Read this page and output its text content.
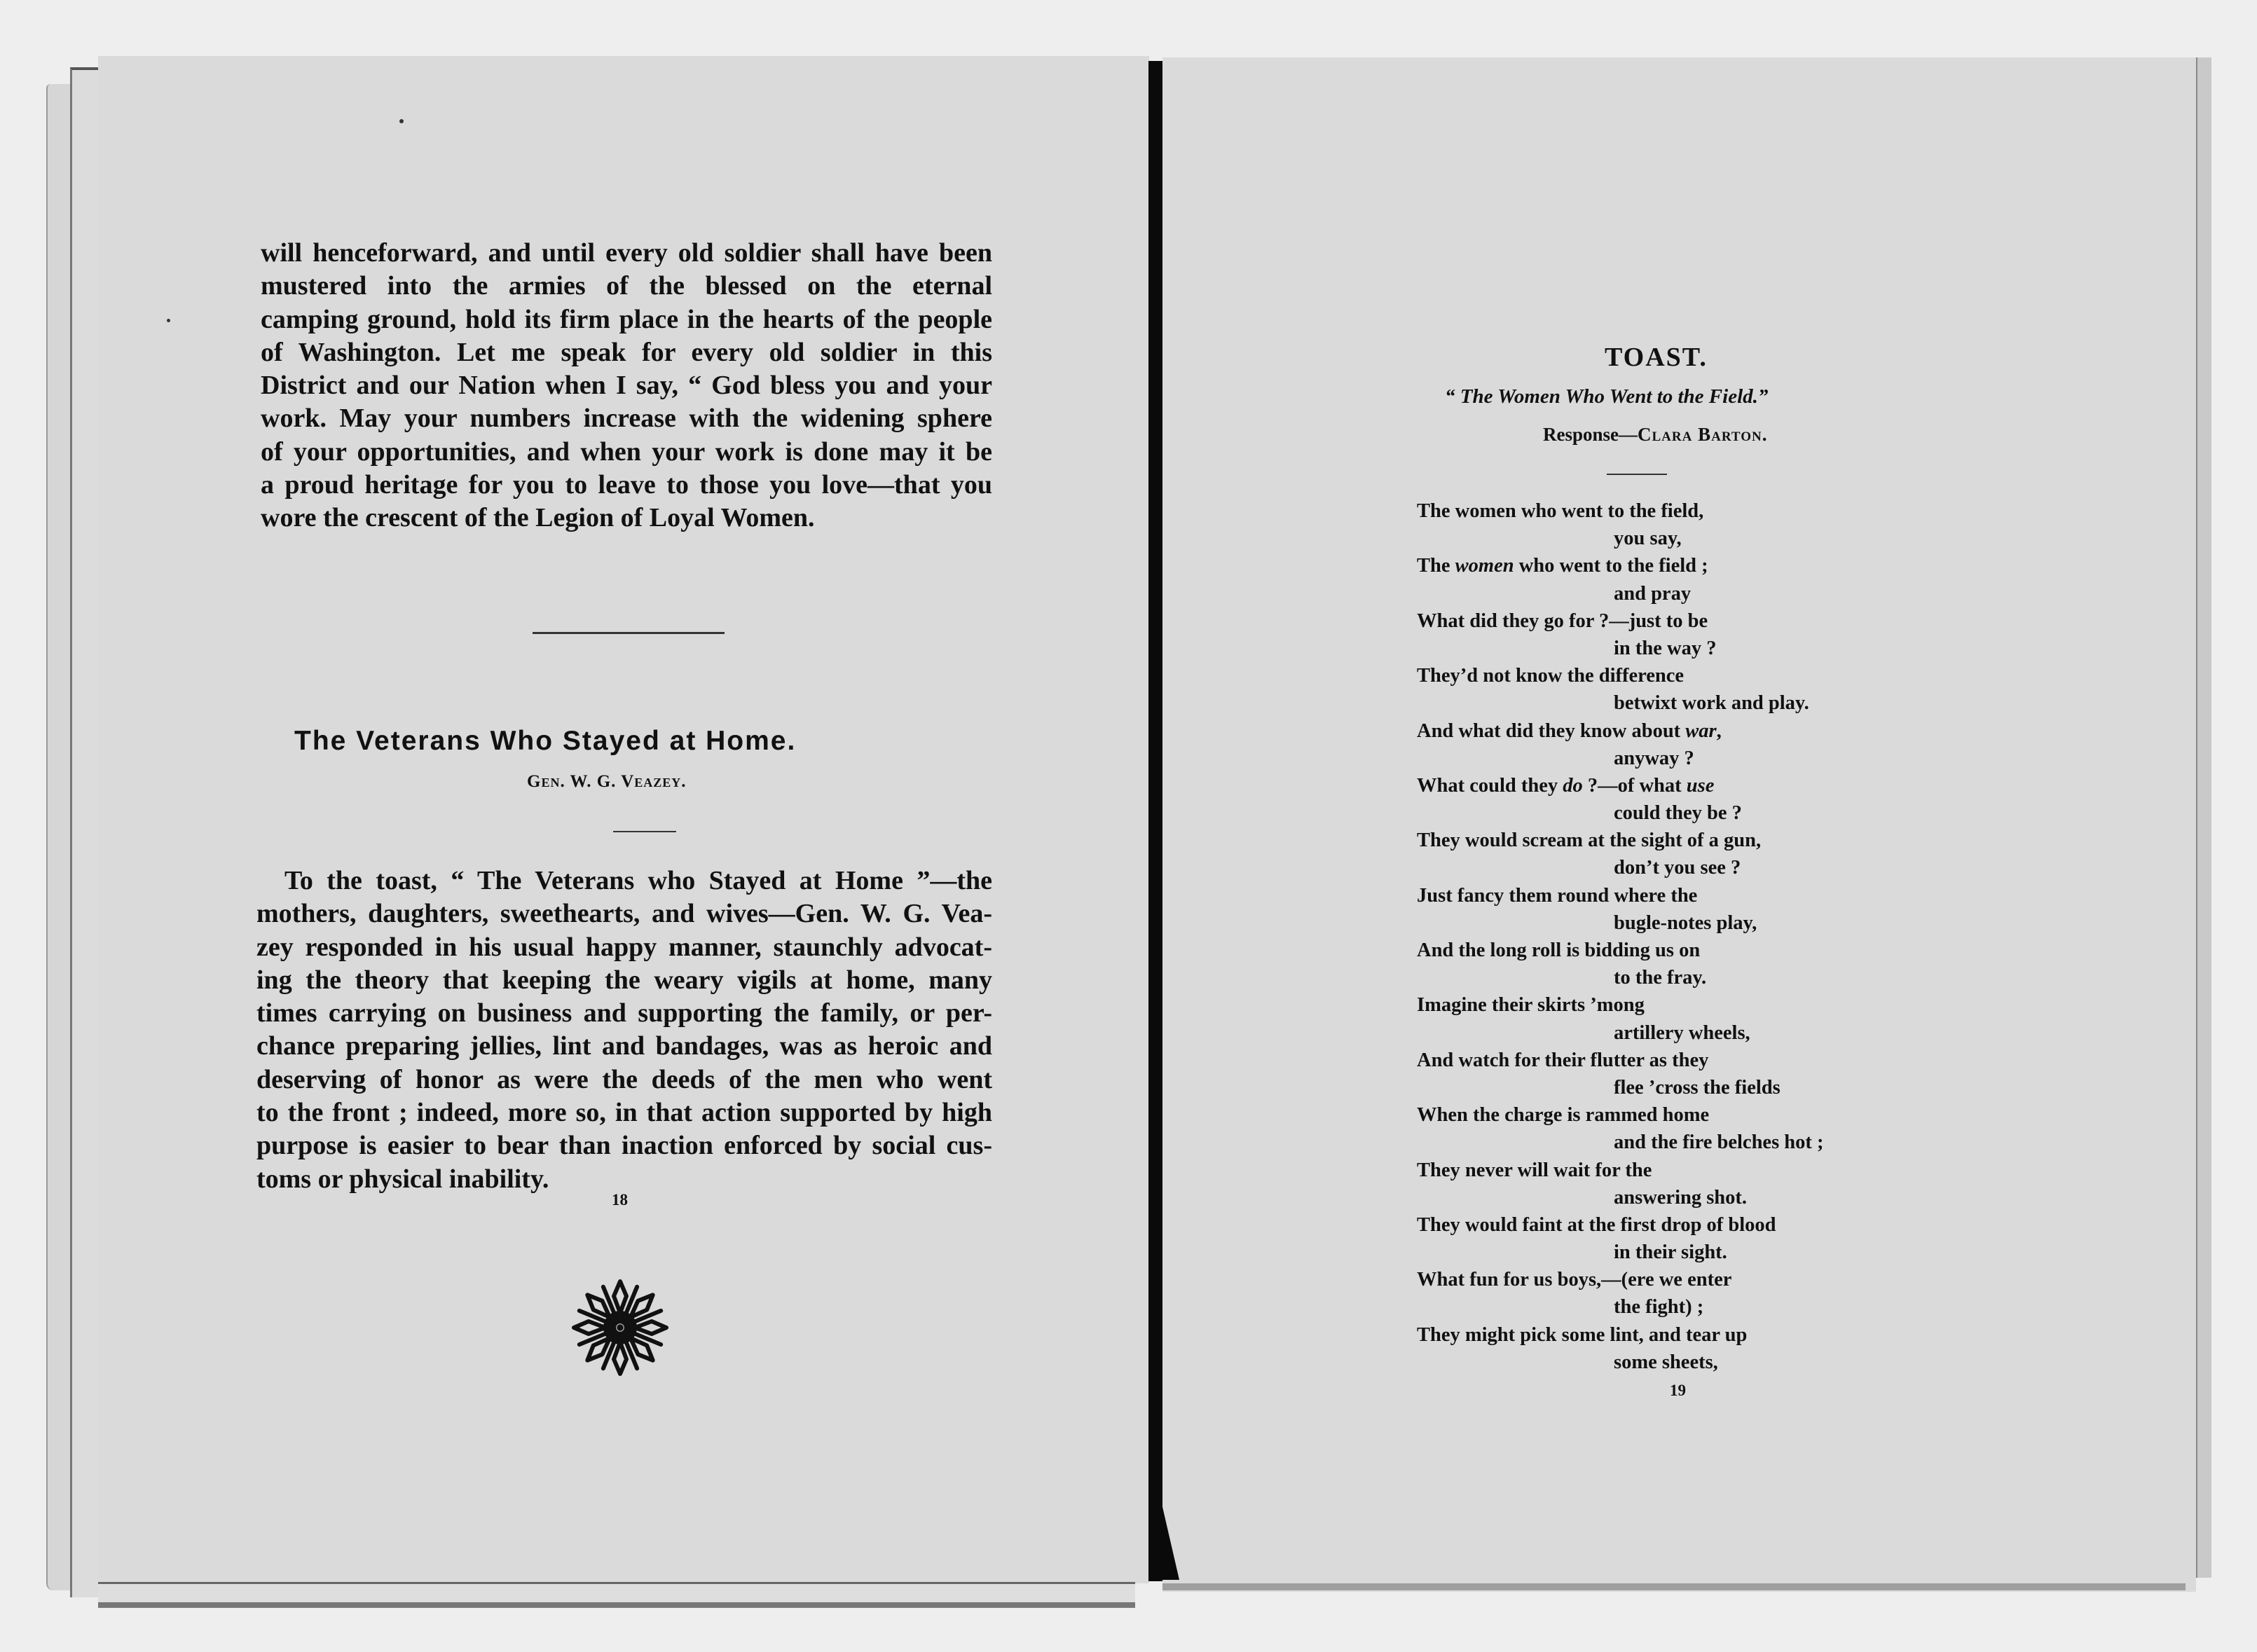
will henceforward, and until every old soldier shall have been
mustered into the armies of the blessed on the eternal
camping ground, hold its firm place in the hearts of the people
of Washington. Let me speak for every old soldier in this
District and our Nation when I say, “ God bless you and your
work. May your numbers increase with the widening sphere
of your opportunities, and when your work is done may it be
a proud heritage for you to leave to those you love—that you
wore the crescent of the Legion of Loyal Women.
The Veterans Who Stayed at Home.
Gen. W. G. Veazey.
To the toast, “ The Veterans who Stayed at Home ”—the
mothers, daughters, sweethearts, and wives—Gen. W. G. Vea-
zey responded in his usual happy manner, staunchly advocat-
ing the theory that keeping the weary vigils at home, many
times carrying on business and supporting the family, or per-
chance preparing jellies, lint and bandages, was as heroic and
deserving of honor as were the deeds of the men who went
to the front ; indeed, more so, in that action supported by high
purpose is easier to bear than inaction enforced by social cus-
toms or physical inability.
18
TOAST.
“ The Women Who Went to the Field.”
Response—Clara Barton.
The women who went to the field,
you say,
The women who went to the field ;
and pray
What did they go for ?—just to be
in the way ?
They’d not know the difference
betwixt work and play.
And what did they know about war,
anyway ?
What could they do ?—of what use
could they be ?
They would scream at the sight of a gun,
don’t you see ?
Just fancy them round where the
bugle-notes play,
And the long roll is bidding us on
to the fray.
Imagine their skirts ’mong
artillery wheels,
And watch for their flutter as they
flee ’cross the fields
When the charge is rammed home
and the fire belches hot ;
They never will wait for the
answering shot.
They would faint at the first drop of blood
in their sight.
What fun for us boys,—(ere we enter
the fight) ;
They might pick some lint, and tear up
some sheets,
19
